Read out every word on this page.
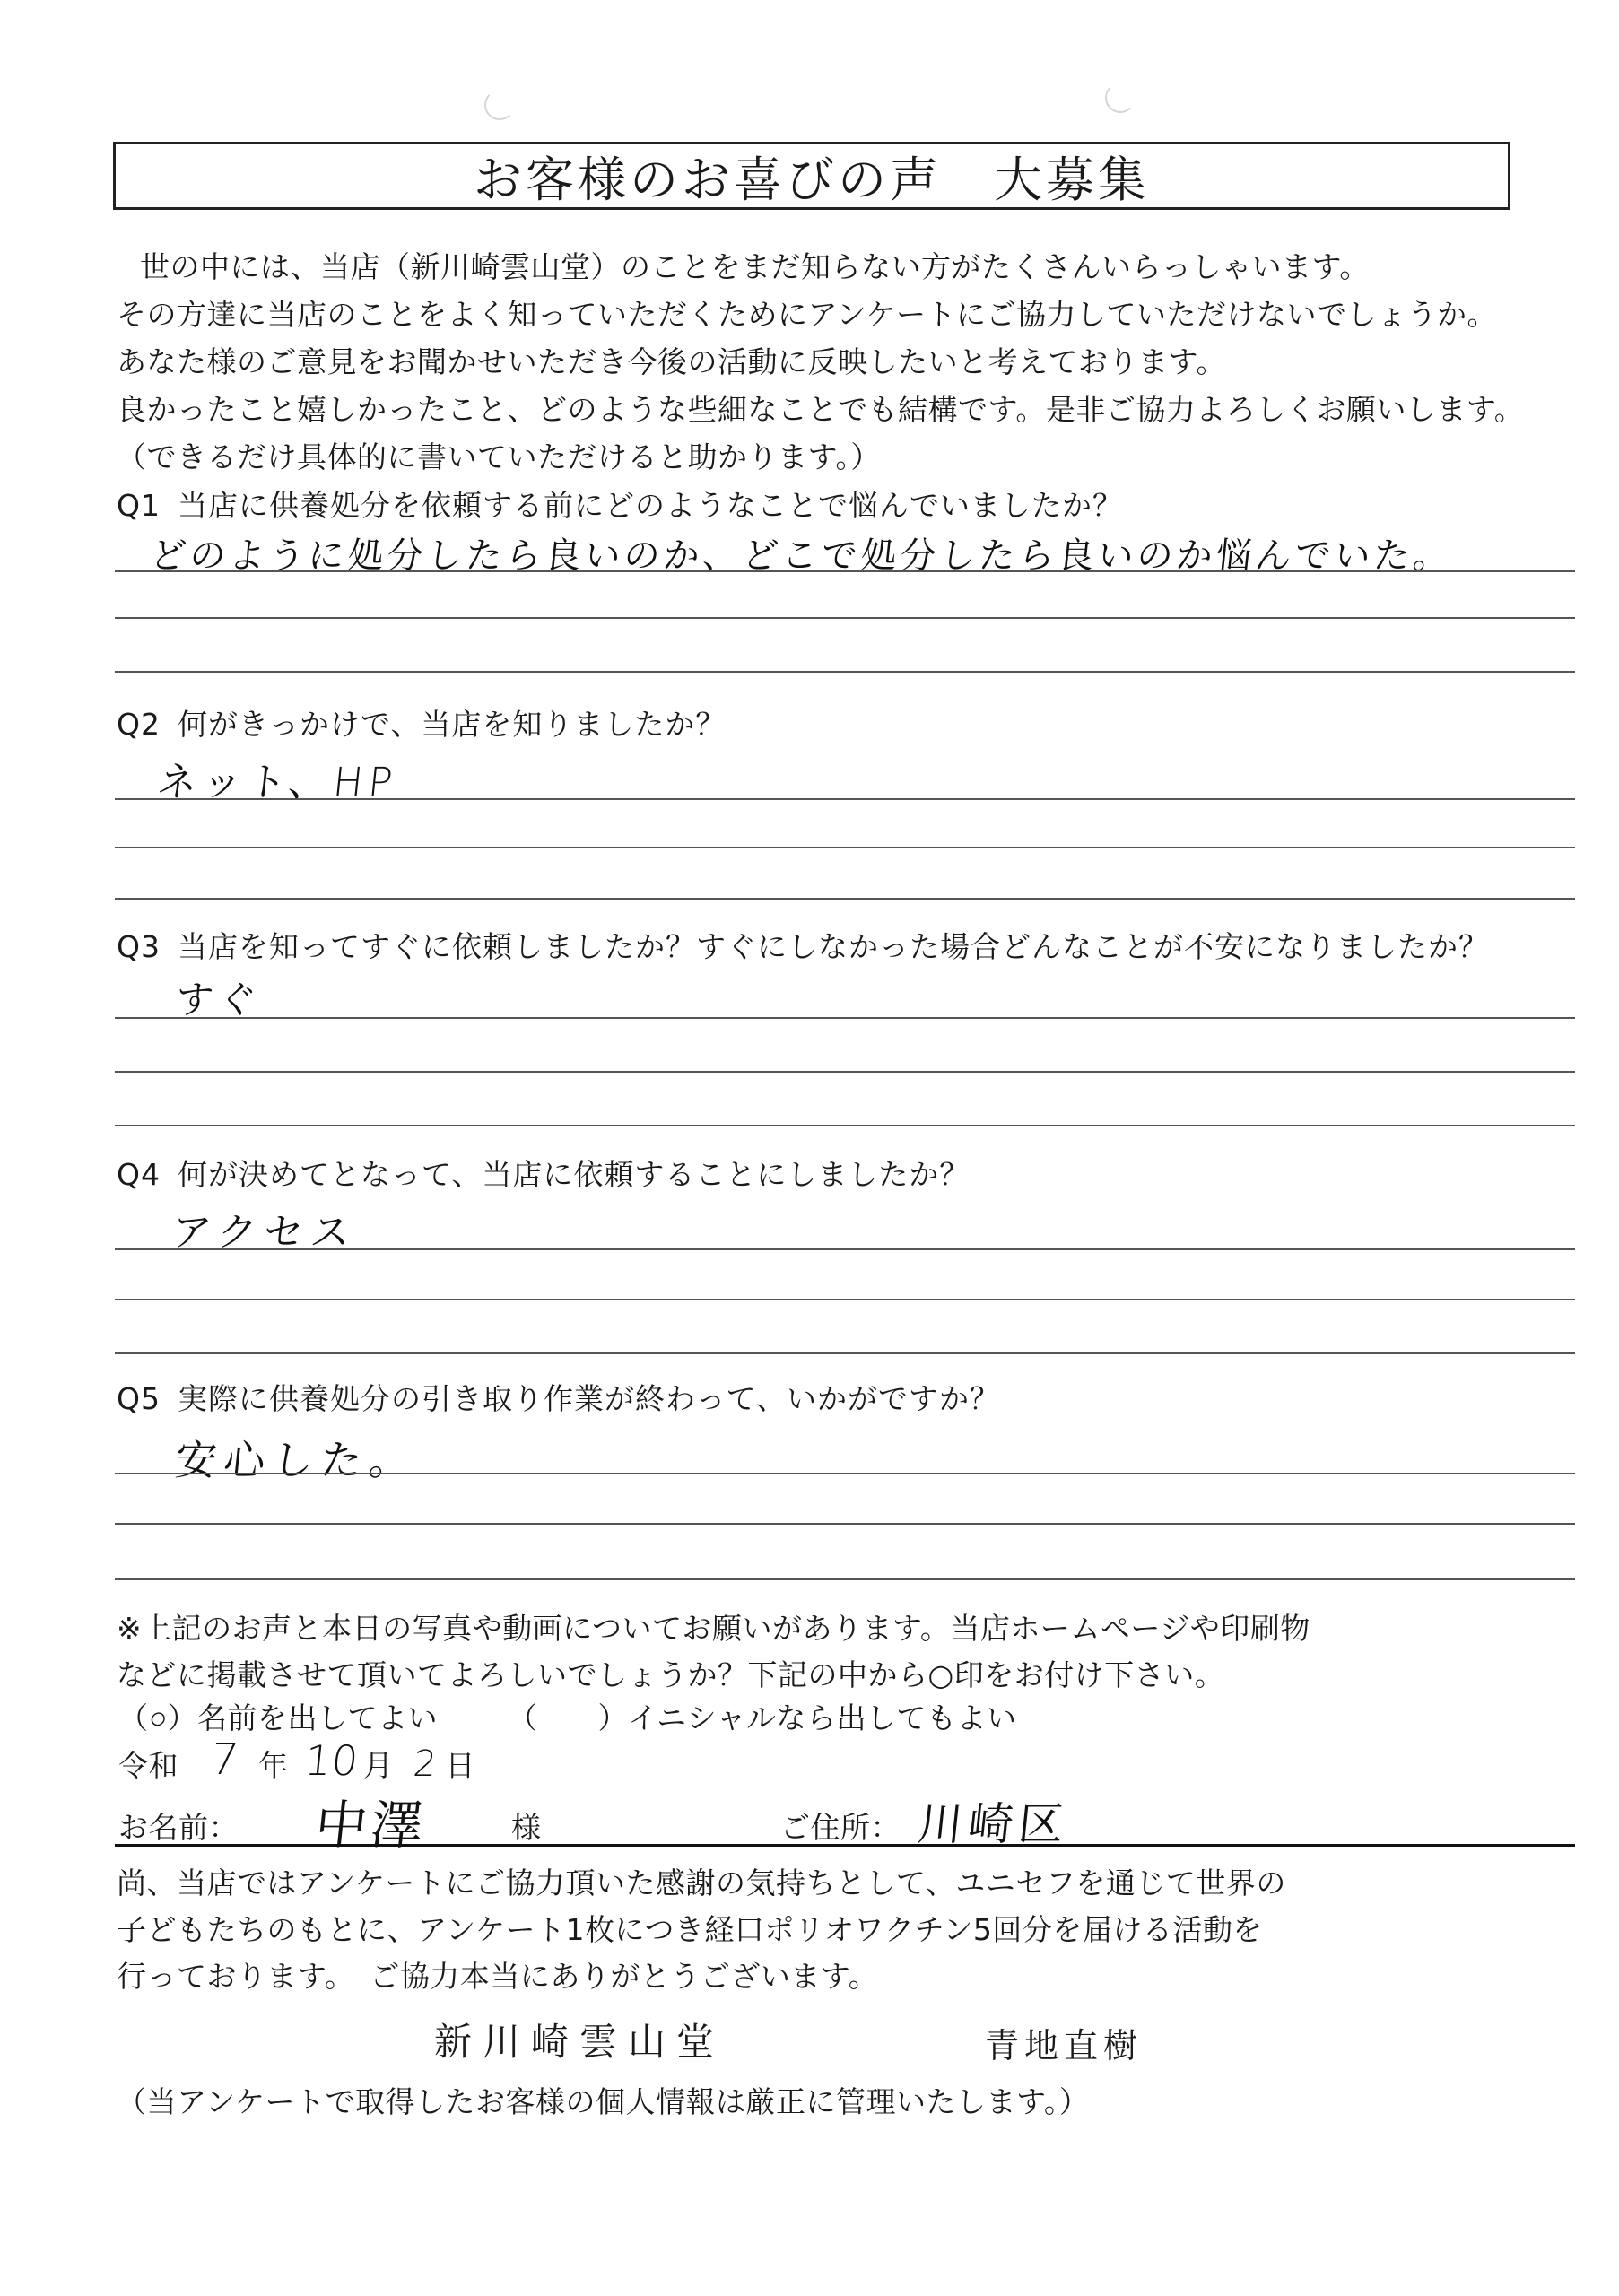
お客様のお喜びの声　大募集
世の中には、当店（新川崎雲山堂）のことをまだ知らない方がたくさんいらっしゃいます。
その方達に当店のことをよく知っていただくためにアンケートにご協力していただけないでしょうか。
あなた様のご意見をお聞かせいただき今後の活動に反映したいと考えております。
良かったこと嬉しかったこと、どのような些細なことでも結構です。是非ご協力よろしくお願いします。
（できるだけ具体的に書いていただけると助かります。）
Q1 当店に供養処分を依頼する前にどのようなことで悩んでいましたか？
どのように処分したら良いのか、どこで処分したら良いのか悩んでいた。
Q2 何がきっかけで、当店を知りましたか？
ネット、HP
Q3 当店を知ってすぐに依頼しましたか？すぐにしなかった場合どんなことが不安になりましたか？
すぐ
Q4 何が決めてとなって、当店に依頼することにしましたか？
アクセス
Q5 実際に供養処分の引き取り作業が終わって、いかがですか？
安心した。
※上記のお声と本日の写真や動画についてお願いがあります。当店ホームページや印刷物
などに掲載させて頂いてよろしいでしょうか？下記の中から○印をお付け下さい。
（○）名前を出してよい （　　）イニシャルなら出してもよい
令和 7 年 10 月 2 日
お名前： 中澤	様	ご住所： 川崎区
尚、当店ではアンケートにご協力頂いた感謝の気持ちとして、ユニセフを通じて世界の
子どもたちのもとに、アンケート1枚につき経口ポリオワクチン5回分を届ける活動を
行っております。　ご協力本当にありがとうございます。
新川崎雲山堂	青地直樹
（当アンケートで取得したお客様の個人情報は厳正に管理いたします。）
